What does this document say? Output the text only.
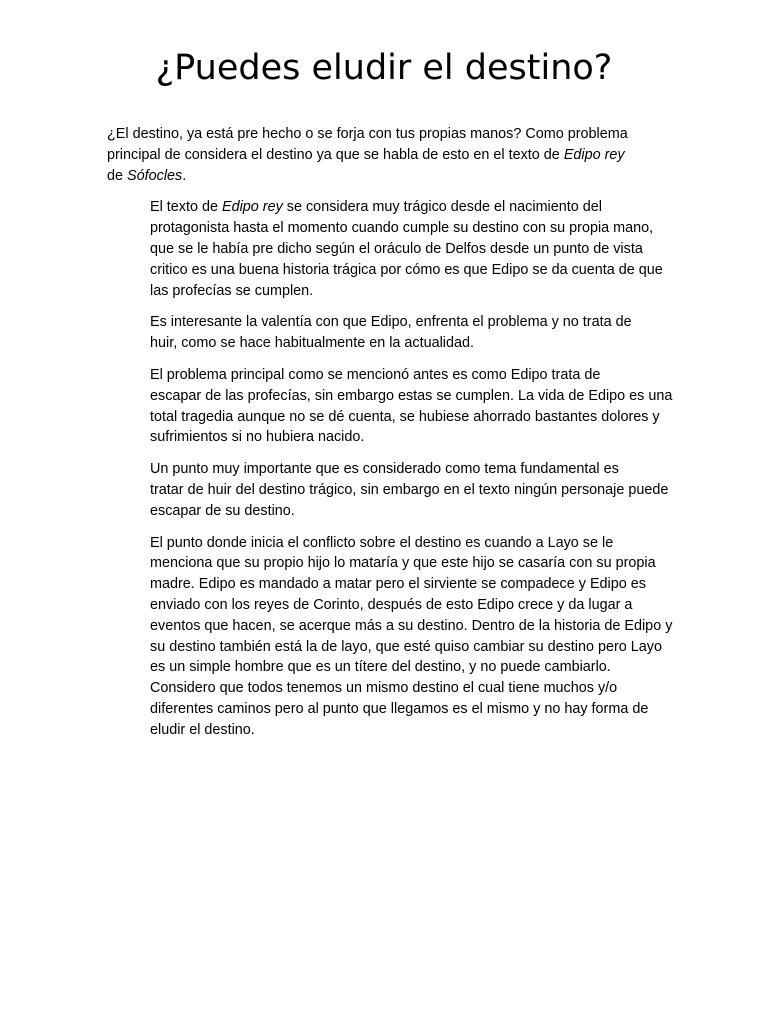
¿Puedes eludir el destino?

¿El destino, ya está pre hecho o se forja con tus propias manos? Como problema
principal de considera el destino ya que se habla de esto en el texto de Edipo rey
de Sófocles.

El texto de Edipo rey se considera muy trágico desde el nacimiento del
protagonista hasta el momento cuando cumple su destino con su propia mano,
que se le había pre dicho según el oráculo de Delfos desde un punto de vista
critico es una buena historia trágica por cómo es que Edipo se da cuenta de que
las profecías se cumplen.

Es interesante la valentía con que Edipo, enfrenta el problema y no trata de
huir, como se hace habitualmente en la actualidad.

El problema principal como se mencionó antes es como Edipo trata de
escapar de las profecías, sin embargo estas se cumplen. La vida de Edipo es una
total tragedia aunque no se dé cuenta, se hubiese ahorrado bastantes dolores y
sufrimientos si no hubiera nacido.

Un punto muy importante que es considerado como tema fundamental es
tratar de huir del destino trágico, sin embargo en el texto ningún personaje puede
escapar de su destino.

El punto donde inicia el conflicto sobre el destino es cuando a Layo se le
menciona que su propio hijo lo mataría y que este hijo se casaría con su propia
madre. Edipo es mandado a matar pero el sirviente se compadece y Edipo es
enviado con los reyes de Corinto, después de esto Edipo crece y da lugar a
eventos que hacen, se acerque más a su destino. Dentro de la historia de Edipo y
su destino también está la de layo, que esté quiso cambiar su destino pero Layo
es un simple hombre que es un títere del destino, y no puede cambiarlo.
Considero que todos tenemos un mismo destino el cual tiene muchos y/o
diferentes caminos pero al punto que llegamos es el mismo y no hay forma de
eludir el destino.
